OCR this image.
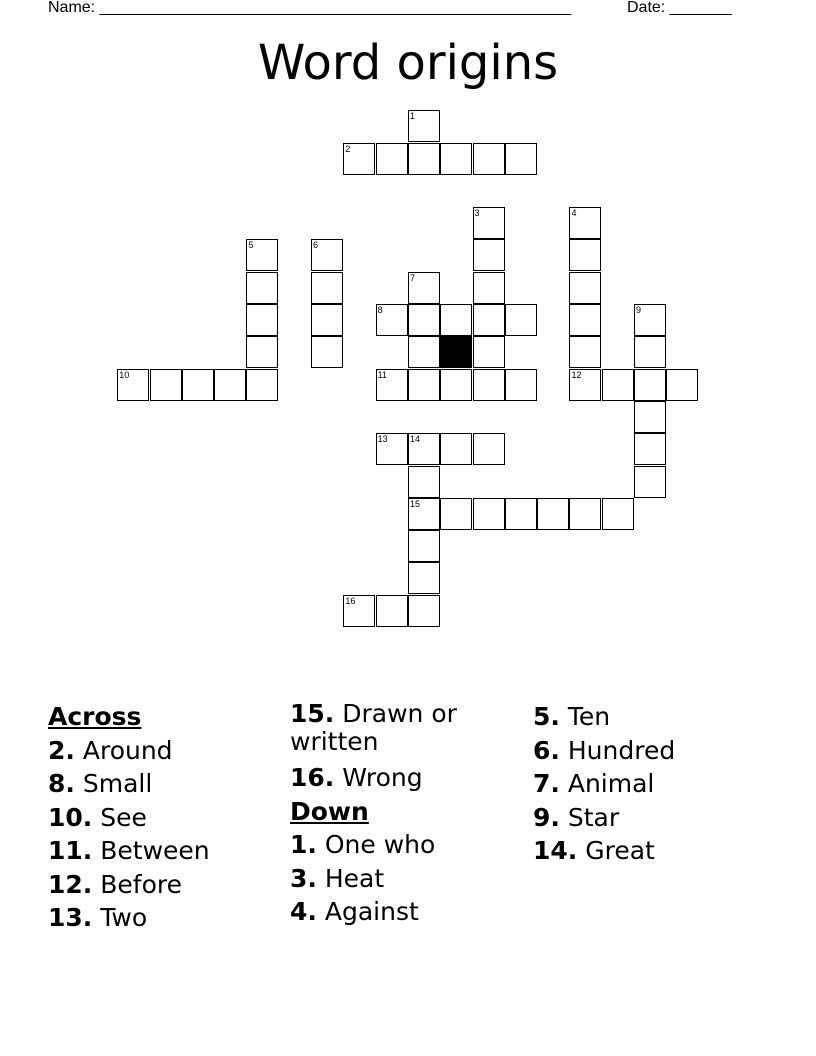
Name: _____________________________________________________	Date: _______
Word origins
1
2
3	4
5	6
7
8	9
10	11	12
13 14
15
16
Across
2. Around
8. Small
10. See
11. Between
12. Before
13. Two
15. Drawn or written
16. Wrong
Down
1. One who
3. Heat
4. Against
5. Ten
6. Hundred
7. Animal
9. Star
14. Great
